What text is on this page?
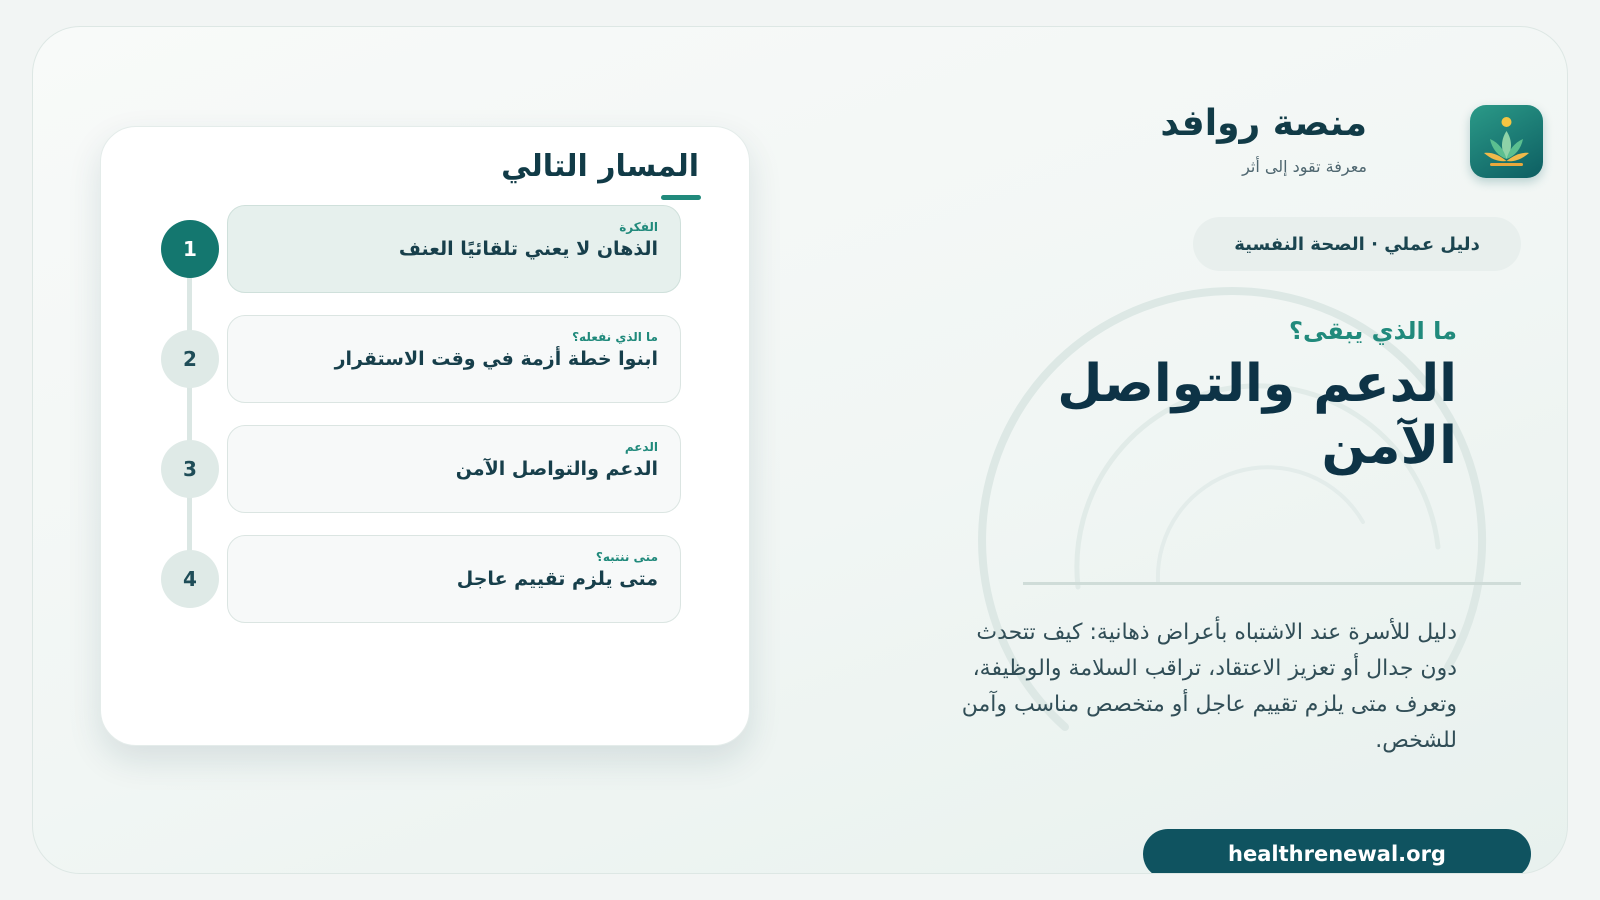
منصة روافد
معرفة تقود إلى أثر
دليل عملي · الصحة النفسية
ما الذي يبقى؟
الدعم والتواصل الآمن
دليل للأسرة عند الاشتباه بأعراض ذهانية: كيف تتحدث دون جدال أو تعزيز الاعتقاد، تراقب السلامة والوظيفة، وتعرف متى يلزم تقييم عاجل أو متخصص مناسب وآمن للشخص.
healthrenewal.org
المسار التالي
1
الفكرة
الذهان لا يعني تلقائيًا العنف
2
ما الذي نفعله؟
ابنوا خطة أزمة في وقت الاستقرار
3
الدعم
الدعم والتواصل الآمن
4
متى ننتبه؟
متى يلزم تقييم عاجل
